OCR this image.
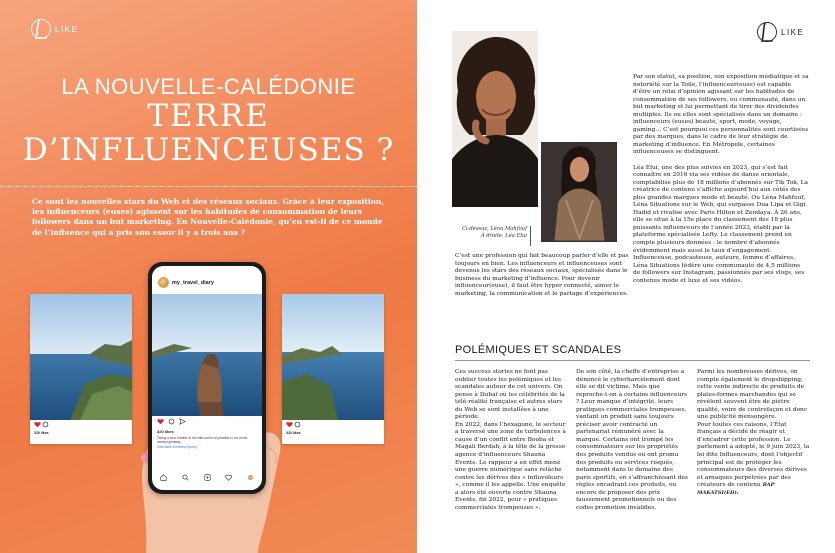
LIKE
LA NOUVELLE-CALÉDONIE
TERRE
D’INFLUENCEUSES ?

Ce sont les nouvelles stars du Web et des réseaux sociaux. Grâce à leur exposition, les influenceurs (euses) agissent sur les habitudes de consommation de leurs followers dans un but marketing. En Nouvelle-Calédonie, qu’en est-il de ce monde de l’influence qui a pris son essor il y a trois ans ?

320 likes
	320 likes
my_travel_diary
320 likes
Taking a slow breathe in the little corner of paradise in our much-needed getaway
View More Comment (more)
LIKE
Ci-dessus, Léna Mahfouf
À droite, Léa Elui

Par son statut, sa position, son exposition médiatique et sa notoriété sur la Toile, l’influenceur(euse) est capable d’être un relai d’opinion agissant sur les habitudes de consommation de ses followers, ou communauté, dans un but marketing et lui permettant de tirer des dividendes multiples. Ils ou elles sont spécialisés dans un domaine : influenceurs (euses) beauté, sport, mode, voyage, gaming… C’est pourquoi ces personnalités sont courtisées par des marques, dans le cadre de leur stratégie de marketing d’influence. En Métropole, certaines influenceuses se distinguent.

Léa Elui, une des plus suivies en 2023, qui s’est fait connaître en 2016 via ses vidéos de danse orientale, comptabilise plus de 18 millions d’abonnés sur Tik Tok. La créatrice de contenu s’affiche aujourd’hui aux côtés des plus grandes marques mode et beauté. Ou Léna Mahfouf, Léna Situations sur le Web, qui surpasse Dua Lipa et Gigi Hadid et rivalise avec Paris Hilton et Zendaya. À 26 ans, elle se situe à la 15e place du classement des 18 plus puissants influenceurs de l’année 2023, établi par la plateforme spécialisée Lefty. Le classement prend en compte plusieurs données : le nombre d’abonnés évidemment mais aussi le taux d’engagement. Influenceuse, podcasteuse, auteure, femme d’affaires, Léna Situations fédère une communauté de 4,5 millions de followers sur Instagram, passionnés par ses vlogs, ses contenus mode et luxe et ses vidéos.

C’est une profession qui fait beaucoup parler d’elle et pas toujours en bien. Les influenceurs et influenceuses sont devenus les stars des réseaux sociaux, spécialisés dans le business du marketing d’influence. Pour devenir influenceur(euse), il faut être hyper connecté, aimer le marketing, la communication et le partage d’expériences.

POLÉMIQUES ET SCANDALES

Ces success stories ne font pas oublier toutes les polémiques et les scandales autour de cet univers. On pense à Dubaï où les célébrités de la télé-réalité française et autres stars du Web se sont installées à une période.

En 2022, dans l’hexagone, le secteur a traversé une zone de turbulences à cause d’un conflit entre Booba et Magali Berdah, à la tête de la grosse agence d’influenceurs Shauna Events. Le rappeur a en effet mené une guerre numérique sans relâche contre les dérives des « influvoleurs », comme il les appelle. Une enquête a alors été ouverte contre Shauna Events, fin 2022, pour « pratiques commerciales trompeuses ».

De son côté, la cheffe d’entreprise a dénoncé le cyberharcèlement dont elle se dit victime. Mais que reproche-t-on à certains influenceurs ? Leur manque d’intégrité, leurs pratiques commerciales trompeuses, vantant un produit sans toujours préciser avoir contracté un partenariat rémunéré avec la marque. Certains ont trompé les consommateurs sur les propriétés des produits vendus ou ont promu des produits ou services risqués, notamment dans le domaine des paris sportifs, en s’affranchissant des règles encadrant ces produits, ou encore de proposer des prix faussement promotionnels ou des codes promotion invalides.

Parmi les nombreuses dérives, on compte également le dropshipping, cette vente indirecte de produits de plates-formes marchandes qui se révèlent souvent être de piètre qualité, voire de contrefaçon et donc une publicité mensongère.

Pour toutes ces raisons, l’État français a décidé de réagir et d’encadrer cette profession. Le parlement a adopté, le 9 juin 2023, la loi dite Influenceurs, dont l’objectif principal est de protéger les consommateurs des diverses dérives et arnaques perpétrées par des créateurs de contenu BAP MAKATSI(ED).
